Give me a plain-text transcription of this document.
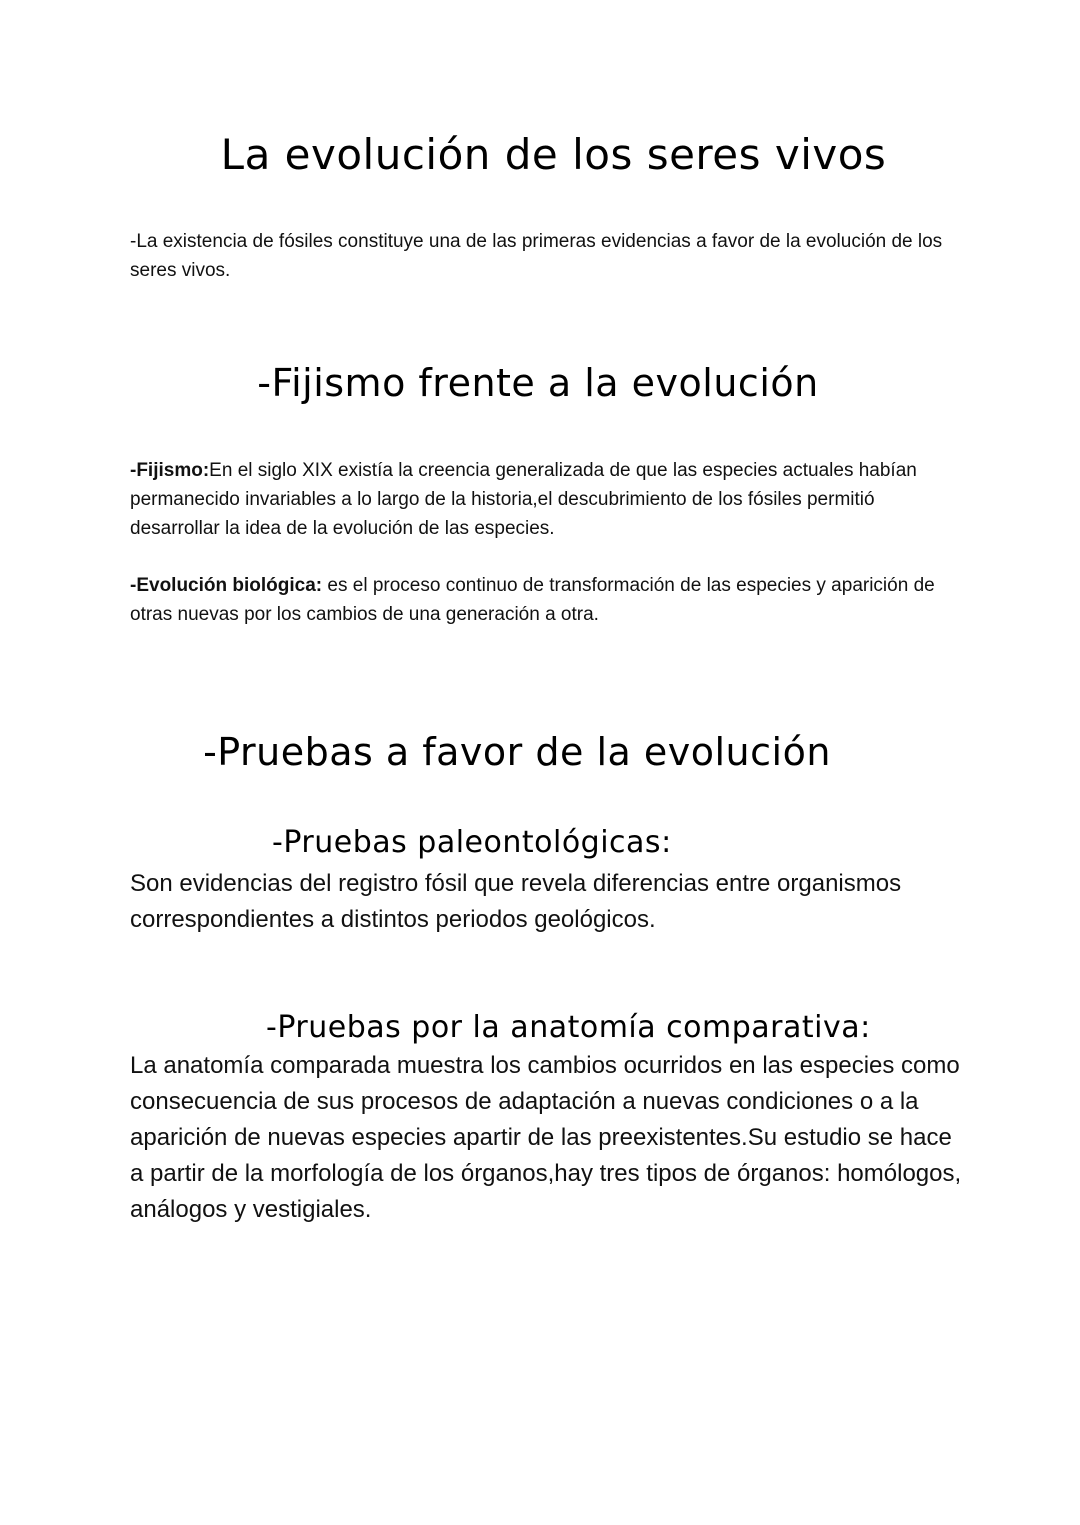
La evolución de los seres vivos

-La existencia de fósiles constituye una de las primeras evidencias a favor de la evolución de los seres vivos.

-Fijismo frente a la evolución

-Fijismo:En el siglo XIX existía la creencia generalizada de que las especies actuales habían permanecido invariables a lo largo de la historia,el descubrimiento de los fósiles permitió desarrollar la idea de la evolución de las especies.

-Evolución biológica: es el proceso continuo de transformación de las especies y aparición de otras nuevas por los cambios de una generación a otra.

-Pruebas a favor de la evolución
-Pruebas paleontológicas:

Son evidencias del registro fósil que revela diferencias entre organismos correspondientes a distintos periodos geológicos.

-Pruebas por la anatomía comparativa:

La anatomía comparada muestra los cambios ocurridos en las especies como consecuencia de sus procesos de adaptación a nuevas condiciones o a la aparición de nuevas especies apartir de las preexistentes.Su estudio se hace a partir de la morfología de los órganos,hay tres tipos de órganos: homólogos, análogos y vestigiales.
